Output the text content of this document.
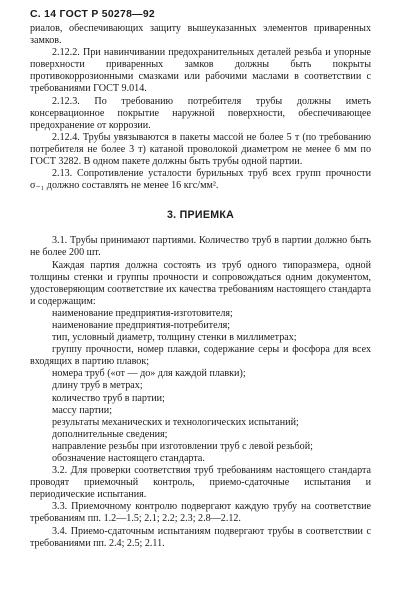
С. 14 ГОСТ Р 50278—92

риалов, обеспечивающих защиту вышеуказанных элементов приваренных замков.

2.12.2. При навинчивании предохранительных деталей резьба и упорные поверхности приваренных замков должны быть покрыты противокоррозионными смазками или рабочими маслами в соответствии с требованиями ГОСТ 9.014.

2.12.3. По требованию потребителя трубы должны иметь консервационное покрытие наружной поверхности, обеспечивающее предохранение от коррозии.

2.12.4. Трубы увязываются в пакеты массой не более 5 т (по требованию потребителя не более 3 т) катаной проволокой диаметром не менее 6 мм по ГОСТ 3282. В одном пакете должны быть трубы одной партии.

2.13. Сопротивление усталости бурильных труб всех групп прочности σ₋₁ должно составлять не менее 16 кгс/мм².

3. ПРИЕМКА

3.1. Трубы принимают партиями. Количество труб в партии должно быть не более 200 шт.

Каждая партия должна состоять из труб одного типоразмера, одной толщины стенки и группы прочности и сопровождаться одним документом, удостоверяющим соответствие их качества требованиям настоящего стандарта и содержащим:

наименование предприятия-изготовителя;

наименование предприятия-потребителя;

тип, условный диаметр, толщину стенки в миллиметрах;

группу прочности, номер плавки, содержание серы и фосфора для всех входящих в партию плавок;

номера труб («от — до» для каждой плавки);

длину труб в метрах;

количество труб в партии;

массу партии;

результаты механических и технологических испытаний;

дополнительные сведения;

направление резьбы при изготовлении труб с левой резьбой;

обозначение настоящего стандарта.

3.2. Для проверки соответствия труб требованиям настоящего стандарта проводят приемочный контроль, приемо-сдаточные испытания и периодические испытания.

3.3. Приемочному контролю подвергают каждую трубу на соответствие требованиям пп. 1.2—1.5; 2.1; 2.2; 2.3; 2.8—2.12.

3.4. Приемо-сдаточным испытаниям подвергают трубы в соответствии с требованиями пп. 2.4; 2.5; 2.11.
